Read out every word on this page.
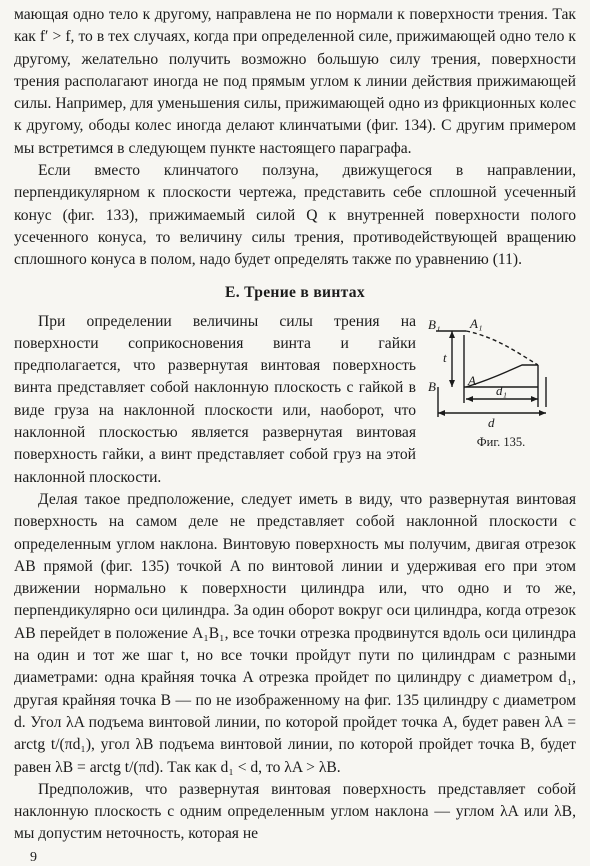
мающая одно тело к другому, направлена не по нормали к поверхности трения. Так как f′ > f, то в тех случаях, когда при определенной силе, прижимающей одно тело к другому, желательно получить возможно большую силу трения, поверхности трения располагают иногда не под прямым углом к линии действия прижимающей силы. Например, для уменьшения силы, прижимающей одно из фрикционных колес к другому, ободы колес иногда делают клинчатыми (фиг. 134). С другим примером мы встретимся в следующем пункте настоящего параграфа.

Если вместо клинчатого ползуна, движущегося в направлении, перпендикулярном к плоскости чертежа, представить себе сплошной усеченный конус (фиг. 133), прижимаемый силой Q к внутренней поверхности полого усеченного конуса, то величину силы трения, противодействующей вращению сплошного конуса в полом, надо будет определять также по уравнению (11).

Е. Трение в винтах
B₁ A₁
t
B A
d₁
d
Фиг. 135.

При определении величины силы трения на поверхности соприкосновения винта и гайки предполагается, что развернутая винтовая поверхность винта представляет собой наклонную плоскость с гайкой в виде груза на наклонной плоскости или, наоборот, что наклонной плоскостью является развернутая винтовая поверхность гайки, а винт представляет собой груз на этой наклонной плоскости.

Делая такое предположение, следует иметь в виду, что развернутая винтовая поверхность на самом деле не представляет собой наклонной плоскости с определенным углом наклона. Винтовую поверхность мы получим, двигая отрезок AB прямой (фиг. 135) точкой A по винтовой линии и удерживая его при этом движении нормально к поверхности цилиндра или, что одно и то же, перпендикулярно оси цилиндра. За один оборот вокруг оси цилиндра, когда отрезок AB перейдет в положение A₁B₁, все точки отрезка продвинутся вдоль оси цилиндра на один и тот же шаг t, но все точки пройдут пути по цилиндрам с разными диаметрами: одна крайняя точка A отрезка пройдет по цилиндру с диаметром d₁, другая крайняя точка B — по не изображенному на фиг. 135 цилиндру с диаметром d. Угол λA подъема винтовой линии, по которой пройдет точка A, будет равен λA = arctg t/(πd₁), угол λB подъема винтовой линии, по которой пройдет точка B, будет равен λB = arctg t/(πd). Так как d₁ < d, то λA > λB.

Предположив, что развернутая винтовая поверхность представляет собой наклонную плоскость с одним определенным углом наклона — углом λA или λB, мы допустим неточность, которая не

9
